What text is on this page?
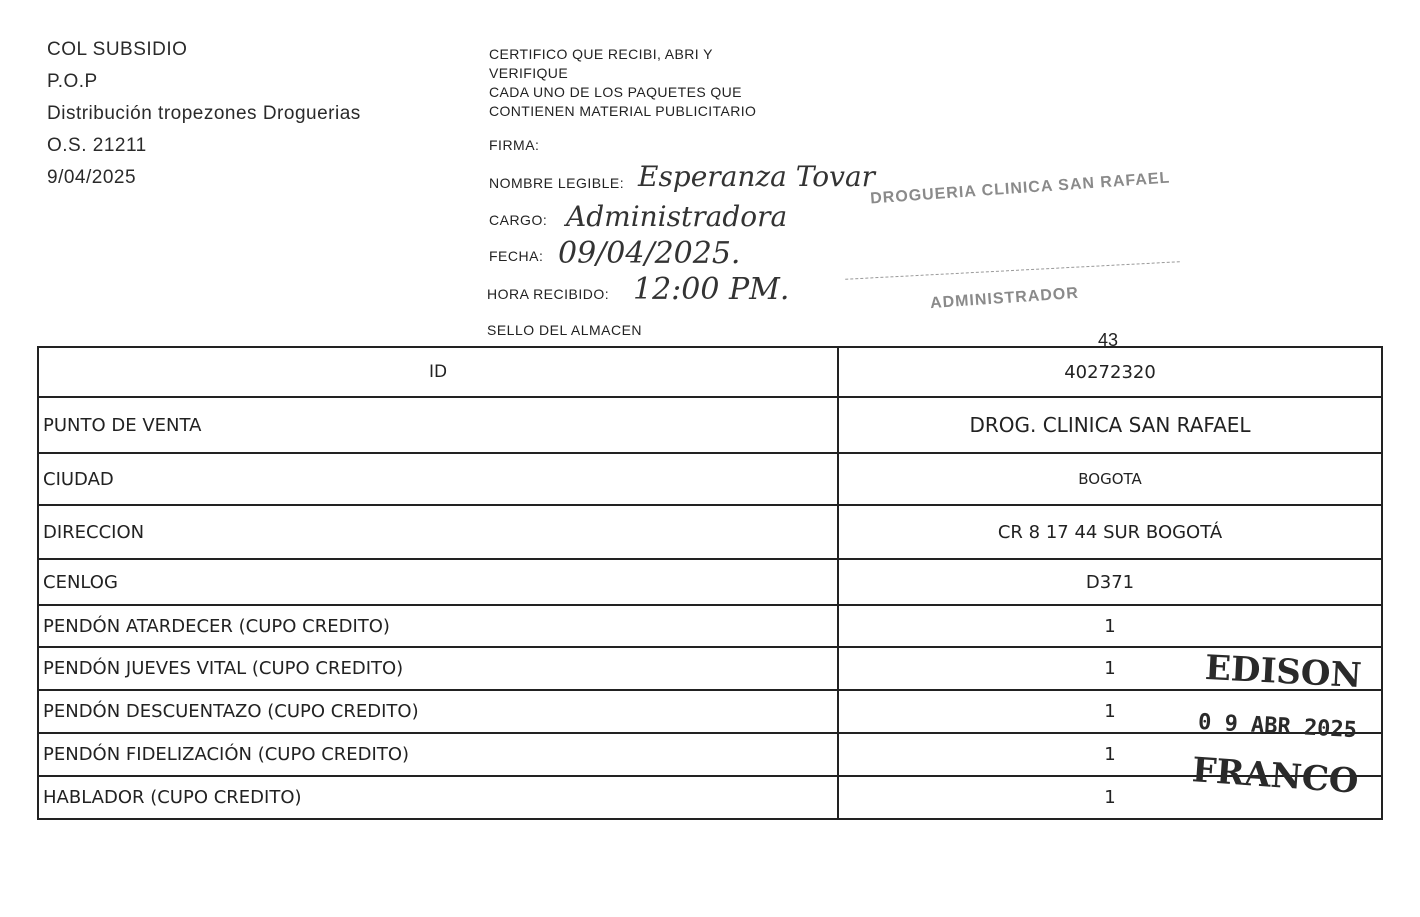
COL SUBSIDIO
P.O.P
Distribución tropezones Droguerias
O.S. 21211
9/04/2025
CERTIFICO QUE RECIBI, ABRI Y
VERIFIQUE
CADA UNO DE LOS PAQUETES QUE
CONTIENEN MATERIAL PUBLICITARIO
FIRMA:
NOMBRE LEGIBLE: Esperanza Tovar
CARGO: Administradora
FECHA: 09/04/2025.
HORA RECIBIDO: 12:00 PM.
SELLO DEL ALMACEN
DROGUERIA CLINICA SAN RAFAEL
ADMINISTRADOR
43
ID	40272320
PUNTO DE VENTA	DROG. CLINICA SAN RAFAEL
CIUDAD	BOGOTA
DIRECCION	CR 8 17 44 SUR BOGOTÁ
CENLOG	D371
PENDÓN ATARDECER (CUPO CREDITO)	1
PENDÓN JUEVES VITAL (CUPO CREDITO)	1
PENDÓN DESCUENTAZO (CUPO CREDITO)	1
PENDÓN FIDELIZACIÓN (CUPO CREDITO)	1
HABLADOR (CUPO CREDITO)	1
EDISON
0 9 ABR 2025
FRANCO
